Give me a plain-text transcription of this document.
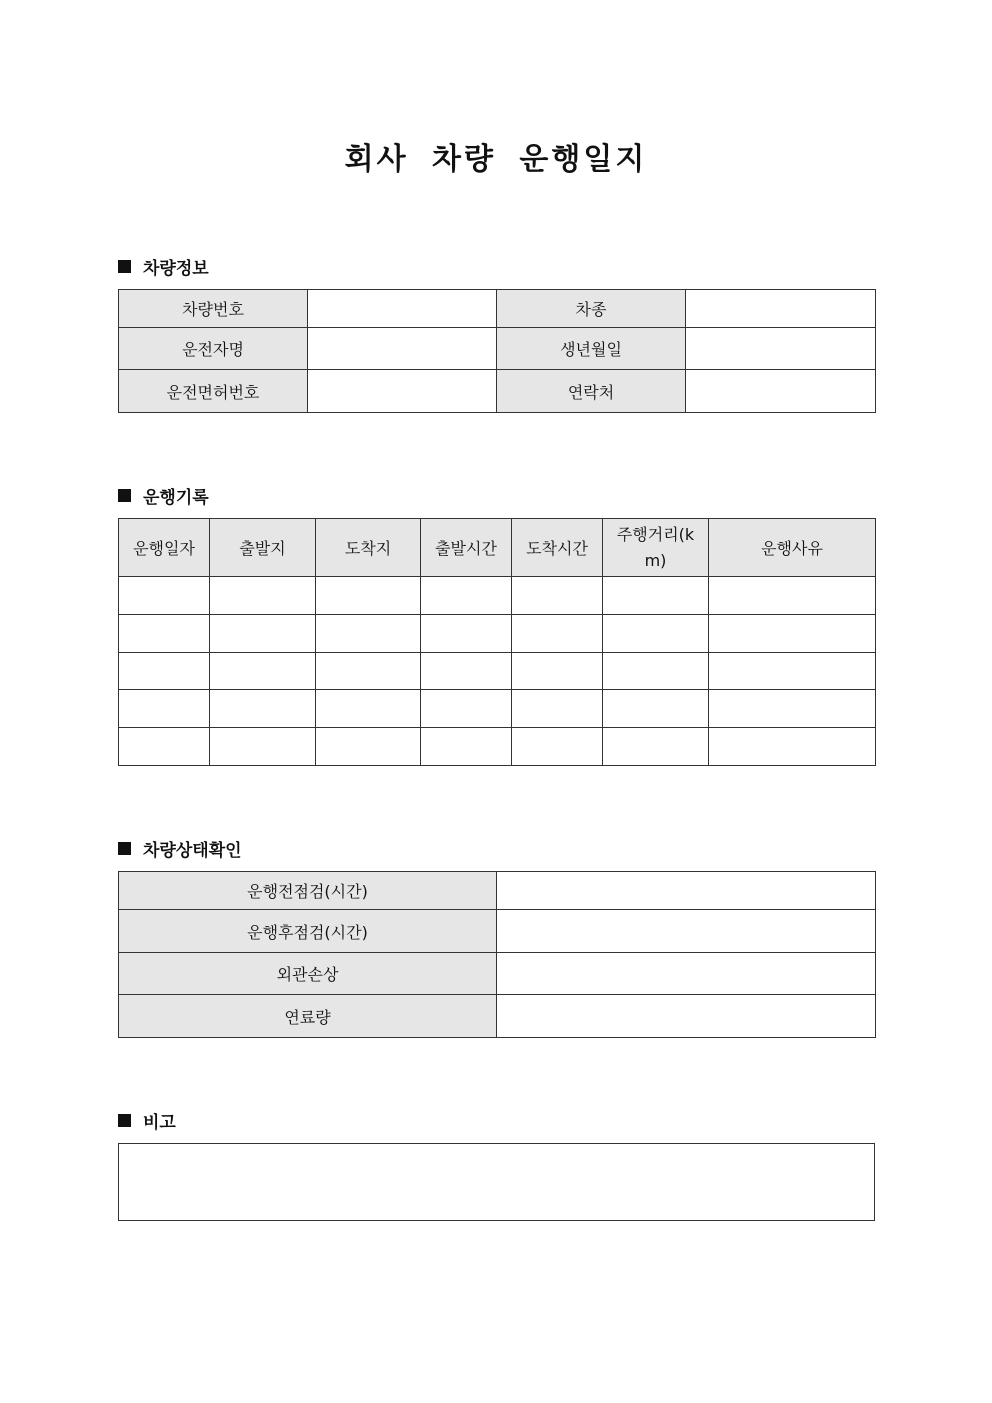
회사 차량 운행일지
차량정보
차량번호		차종	
운전자명		생년월일	
운전면허번호		연락처	
운행기록
운행일자	출발지	도착지	출발시간	도착시간	주행거리(km)	운행사유

차량상태확인
운행전점검(시간)	
운행후점검(시간)	
외관손상	
연료량	
비고
